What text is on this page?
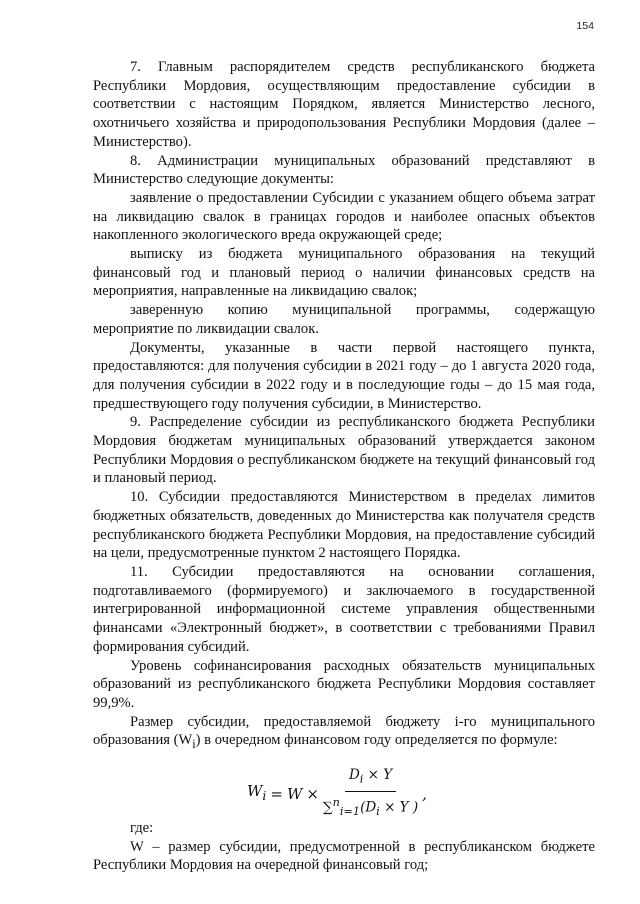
154

7. Главным распорядителем средств республиканского бюджета Республики Мордовия, осуществляющим предоставление субсидии в соответствии с настоящим Порядком, является Министерство лесного, охотничьего хозяйства и природопользования Республики Мордовия (далее – Министерство).

8. Администрации муниципальных образований представляют в Министерство следующие документы:

заявление о предоставлении Субсидии с указанием общего объема затрат на ликвидацию свалок в границах городов и наиболее опасных объектов накопленного экологического вреда окружающей среде;

выписку из бюджета муниципального образования на текущий финансовый год и плановый период о наличии финансовых средств на мероприятия, направленные на ликвидацию свалок;

заверенную копию муниципальной программы, содержащую мероприятие по ликвидации свалок.

Документы, указанные в части первой настоящего пункта, предоставляются: для получения субсидии в 2021 году – до 1 августа 2020 года, для получения субсидии в 2022 году и в последующие годы – до 15 мая года, предшествующего году получения субсидии, в Министерство.

9. Распределение субсидии из республиканского бюджета Республики Мордовия бюджетам муниципальных образований утверждается законом Республики Мордовия о республиканском бюджете на текущий финансовый год и плановый период.

10. Субсидии предоставляются Министерством в пределах лимитов бюджетных обязательств, доведенных до Министерства как получателя средств республиканского бюджета Республики Мордовия, на предоставление субсидий на цели, предусмотренные пунктом 2 настоящего Порядка.

11. Субсидии предоставляются на основании соглашения, подготавливаемого (формируемого) и заключаемого в государственной интегрированной информационной системе управления общественными финансами «Электронный бюджет», в соответствии с требованиями Правил формирования субсидий.

Уровень софинансирования расходных обязательств муниципальных образований из республиканского бюджета Республики Мордовия составляет 99,9%.

Размер субсидии, предоставляемой бюджету i-го муниципального образования $(W_i)$ в очередном финансовом году определяется по формуле:

$W_i = W \times \frac{D_i \times Y}{\sum^n_{i=1}(D_i \times Y )}$ ,

где:

W – размер субсидии, предусмотренной в республиканском бюджете Республики Мордовия на очередной финансовый год;
